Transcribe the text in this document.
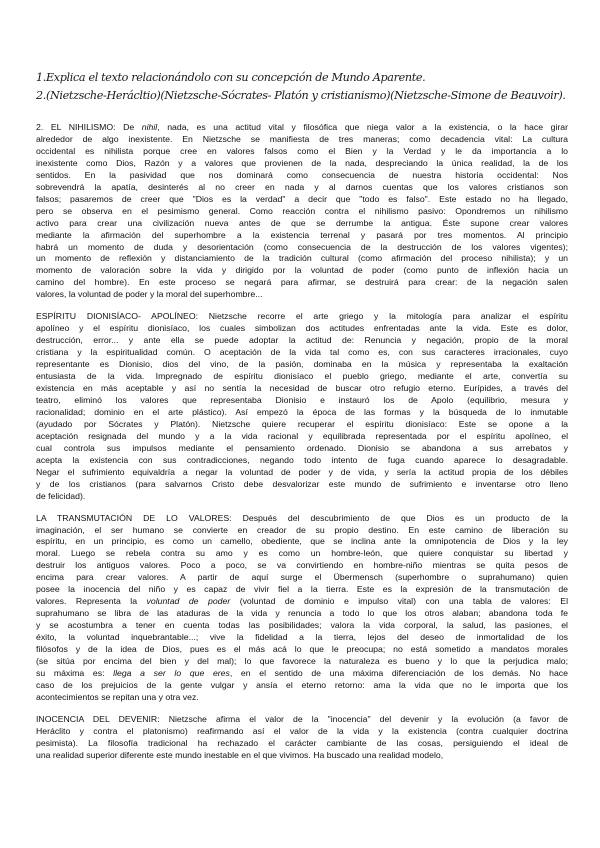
1.Explica el texto relacionándolo con su concepción de Mundo Aparente.
2.(Nietzsche-Herácltio)(Nietzsche-Sócrates- Platón y cristianismo)(Nietzsche-Simone de Beauvoir).
2. EL NIHILISMO: De nihil, nada, es una actitud vital y filosófica que niega valor a la existencia, o la hace girar
alrededor de algo inexistente. En Nietzsche se manifiesta de tres maneras; como decadencia vital: La cultura
occidental es nihilista porque cree en valores falsos como el Bien y la Verdad y le da importancia a lo
inexistente como Dios, Razón y a valores que provienen de la nada, despreciando la única realidad, la de los
sentidos. En la pasividad que nos dominará como consecuencia de nuestra historia occidental: Nos
sobrevendrá la apatía, desinterés al no creer en nada y al darnos cuentas que los valores cristianos son
falsos; pasaremos de creer que "Dios es la verdad" a decir que "todo es falso". Este estado no ha llegado,
pero se observa en el pesimismo general. Como reacción contra el nihilismo pasivo: Opondremos un nihilismo
activo para crear una civilización nueva antes de que se derrumbe la antigua. Éste supone crear valores
mediante la afirmación del superhombre a la existencia terrenal y pasará por tres momentos. Al principio
habrá un momento de duda y desorientación (como consecuencia de la destrucción de los valores vigentes);
un momento de reflexión y distanciamiento de la tradición cultural (como afirmación del proceso nihilista); y un
momento de valoración sobre la vida y dirigido por la voluntad de poder (como punto de inflexión hacia un
camino del hombre). En este proceso se negará para afirmar, se destruirá para crear: de la negación salen
valores, la voluntad de poder y la moral del superhombre...
ESPÍRITU DIONISÍACO- APOLÍNEO: Nietzsche recorre el arte griego y la mitología para analizar el espíritu
apolíneo y el espíritu dionisíaco, los cuales simbolizan dos actitudes enfrentadas ante la vida. Este es dolor,
destrucción, error... y ante ella se puede adoptar la actitud de: Renuncia y negación, propio de la moral
cristiana y la espiritualidad común. O aceptación de la vida tal como es, con sus caracteres irracionales, cuyo
representante es Dionisio, dios del vino, de la pasión, dominaba en la música y representaba la exaltación
entusiasta de la vida. Impregnado de espíritu dionisíaco el pueblo griego, mediante el arte, convertía su
existencia en más aceptable y así no sentía la necesidad de buscar otro refugio eterno. Eurípides, a través del
teatro, eliminó los valores que representaba Dionisio e instauró los de Apolo (equilibrio, mesura y
racionalidad; dominio en el arte plástico). Así empezó la época de las formas y la búsqueda de lo inmutable
(ayudado por Sócrates y Platón). Nietzsche quiere recuperar el espíritu dionisíaco: Este se opone a la
aceptación resignada del mundo y a la vida racional y equilibrada representada por el espíritu apolíneo, el
cual controla sus impulsos mediante el pensamiento ordenado. Dionisio se abandona a sus arrebatos y
acepta la existencia con sus contradicciones, negando todo intento de fuga cuando aparece lo desagradable.
Negar el sufrimiento equivaldría a negar la voluntad de poder y de vida, y sería la actitud propia de los débiles
y de los cristianos (para salvarnos Cristo debe desvalorizar este mundo de sufrimiento e inventarse otro lleno
de felicidad).
LA TRANSMUTACIÓN DE LO VALORES: Después del descubrimiento de que Dios es un producto de la
imaginación, el ser humano se convierte en creador de su propio destino. En este camino de liberación su
espíritu, en un principio, es como un camello, obediente, que se inclina ante la omnipotencia de Dios y la ley
moral. Luego se rebela contra su amo y es como un hombre-león, que quiere conquistar su libertad y
destruir los antiguos valores. Poco a poco, se va convirtiendo en hombre-niño mientras se quita pesos de
encima para crear valores. A partir de aquí surge el Übermensch (superhombre o suprahumano) quien
posee la inocencia del niño y es capaz de vivir fiel a la tierra. Este es la expresión de la transmutación de
valores. Representa la voluntad de poder (voluntad de dominio e impulso vital) con una tabla de valores: El
suprahumano se libra de las ataduras de la vida y renuncia a todo lo que los otros alaban; abandona toda fe
y se acostumbra a tener en cuenta todas las posibilidades; valora la vida corporal, la salud, las pasiones, el
éxito, la voluntad inquebrantable...; vive la fidelidad a la tierra, lejos del deseo de inmortalidad de los
filósofos y de la idea de Dios, pues es el más acá lo que le preocupa; no está sometido a mandatos morales
(se sitúa por encima del bien y del mal); lo que favorece la naturaleza es bueno y lo que la perjudica malo;
su máxima es: llega a ser lo que eres, en el sentido de una máxima diferenciación de los demás. No hace
caso de los prejuicios de la gente vulgar y ansía el eterno retorno: ama la vida que no le importa que los
acontecimientos se repitan una y otra vez.
INOCENCIA DEL DEVENIR: Nietzsche afirma el valor de la "inocencia" del devenir y la evolución (a favor de
Heráclito y contra el platonismo) reafirmando así el valor de la vida y la existencia (contra cualquier doctrina
pesimista). La filosofía tradicional ha rechazado el carácter cambiante de las cosas, persiguiendo el ideal de
una realidad superior diferente este mundo inestable en el que vivimos. Ha buscado una realidad modelo,
